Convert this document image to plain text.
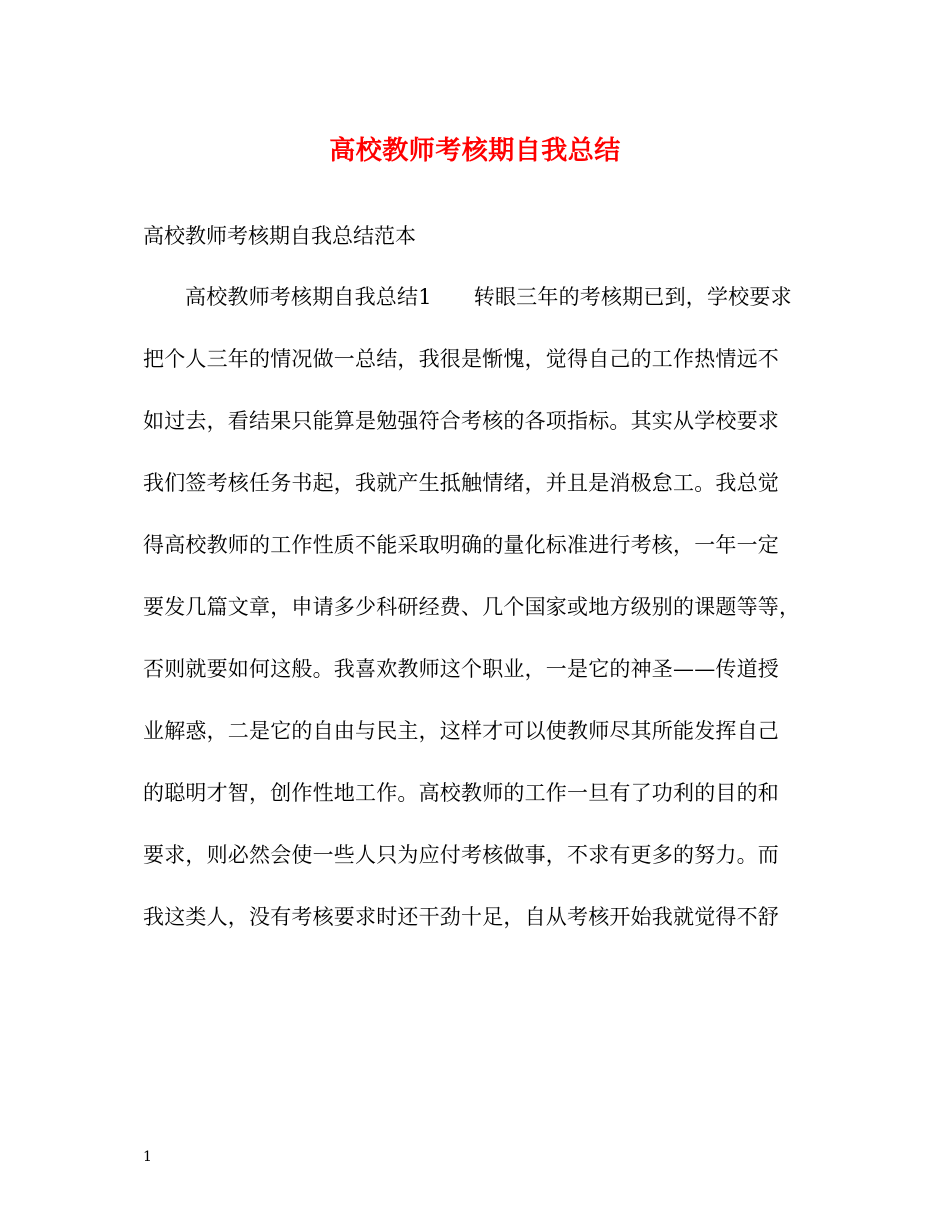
高校教师考核期自我总结

高校教师考核期自我总结范本

高校教师考核期自我总结1 转眼三年的考核期已到，学校要求
把个人三年的情况做一总结，我很是惭愧，觉得自己的工作热情远不
如过去，看结果只能算是勉强符合考核的各项指标。其实从学校要求
我们签考核任务书起，我就产生抵触情绪，并且是消极怠工。我总觉
得高校教师的工作性质不能采取明确的量化标准进行考核，一年一定
要发几篇文章，申请多少科研经费、几个国家或地方级别的课题等等，
否则就要如何这般。我喜欢教师这个职业，一是它的神圣——传道授
业解惑，二是它的自由与民主，这样才可以使教师尽其所能发挥自己
的聪明才智，创作性地工作。高校教师的工作一旦有了功利的目的和
要求，则必然会使一些人只为应付考核做事，不求有更多的努力。而
我这类人，没有考核要求时还干劲十足，自从考核开始我就觉得不舒
1
